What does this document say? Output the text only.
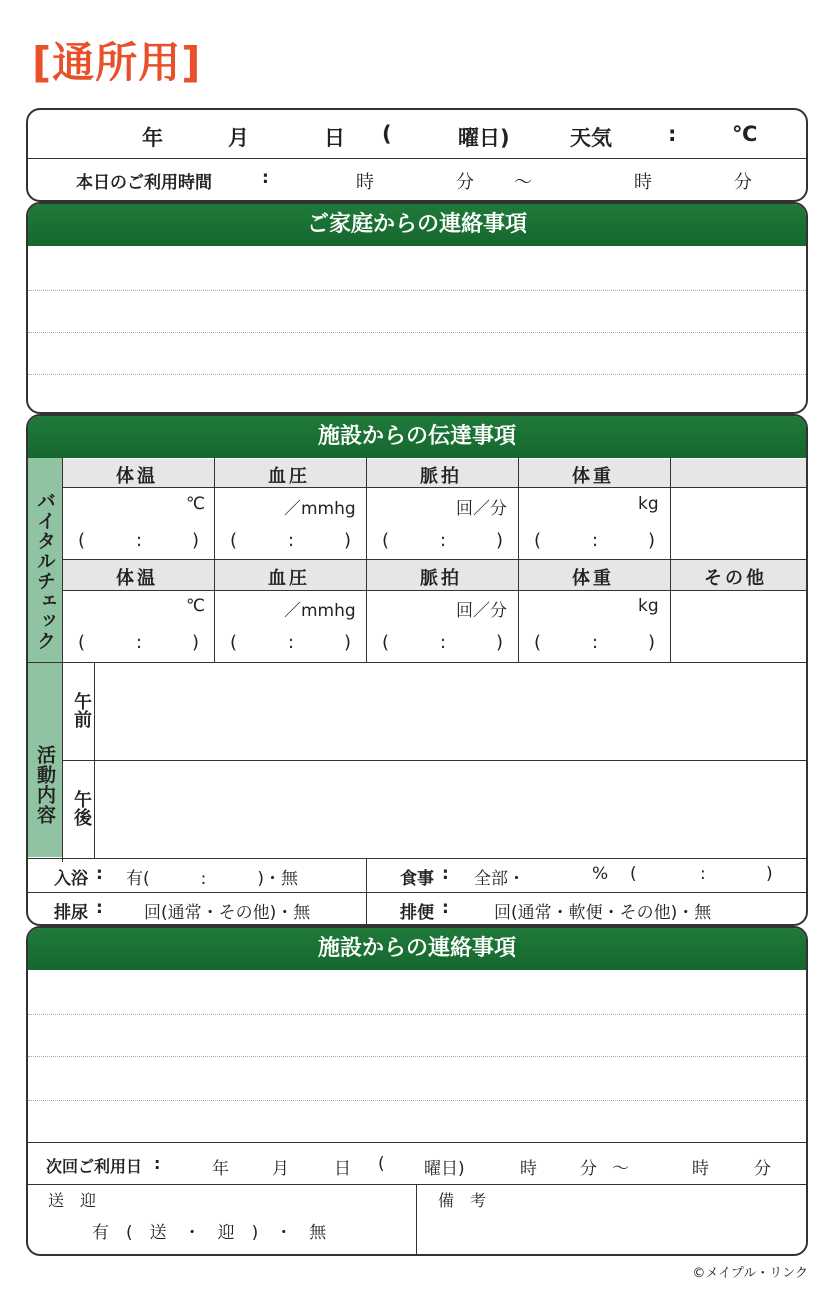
[通所用]
年	月	日 (	曜日)	天気	:	℃
本日のご利用時間	:	時	分 〜	時	分
ご家庭からの連絡事項
施設からの伝達事項
バイタルチェック
体温	血圧	脈拍	体重
℃	／mmhg	回／分	kg
(	:	) (	:	) (	:	) (	:	)
体温	血圧	脈拍	体重	その他
℃	／mmhg	回／分	kg
(	:	) (	:	) (	:	) (	:	)
活動内容
午前
午後
入浴 : 有(　　　:　　　)・無	食事 : 全部・	% (	:	)
排尿 : 回(通常・その他)・無	排便 :	回(通常・軟便・その他)・無
施設からの連絡事項
次回ご利用日 :	年	月	日 ( 曜日)	時	分 〜	時	分
送　迎
有　(　送　・　迎　)　・　無
備　考
©メイプル・リンク
